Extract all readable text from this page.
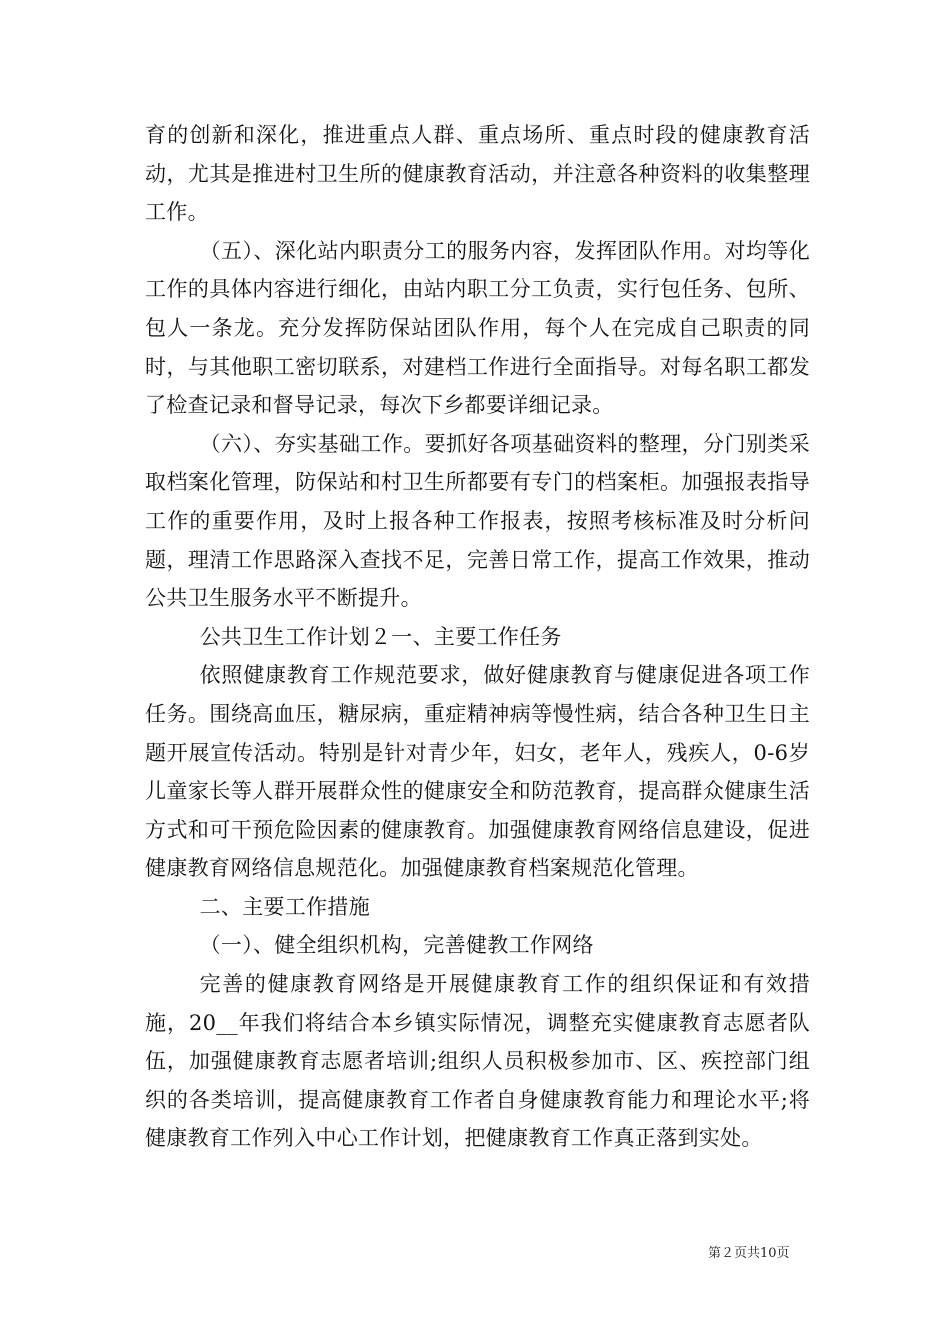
育的创新和深化，推进重点人群、重点场所、重点时段的健康教育活动，尤其是推进村卫生所的健康教育活动，并注意各种资料的收集整理工作。

（五）、深化站内职责分工的服务内容，发挥团队作用。对均等化工作的具体内容进行细化，由站内职工分工负责，实行包任务、包所、包人一条龙。充分发挥防保站团队作用，每个人在完成自己职责的同时，与其他职工密切联系，对建档工作进行全面指导。对每名职工都发了检查记录和督导记录，每次下乡都要详细记录。

（六）、夯实基础工作。要抓好各项基础资料的整理，分门别类采取档案化管理，防保站和村卫生所都要有专门的档案柜。加强报表指导工作的重要作用，及时上报各种工作报表，按照考核标准及时分析问题，理清工作思路深入查找不足，完善日常工作，提高工作效果，推动公共卫生服务水平不断提升。

公共卫生工作计划２一、主要工作任务

依照健康教育工作规范要求，做好健康教育与健康促进各项工作任务。围绕高血压，糖尿病，重症精神病等慢性病，结合各种卫生日主题开展宣传活动。特别是针对青少年，妇女，老年人，残疾人，0-6岁儿童家长等人群开展群众性的健康安全和防范教育，提高群众健康生活方式和可干预危险因素的健康教育。加强健康教育网络信息建设，促进健康教育网络信息规范化。加强健康教育档案规范化管理。

二、主要工作措施

（一）、健全组织机构，完善健教工作网络

完善的健康教育网络是开展健康教育工作的组织保证和有效措施，20__年我们将结合本乡镇实际情况，调整充实健康教育志愿者队伍，加强健康教育志愿者培训;组织人员积极参加市、区、疾控部门组织的各类培训，提高健康教育工作者自身健康教育能力和理论水平;将健康教育工作列入中心工作计划，把健康教育工作真正落到实处。

第２页共10页
